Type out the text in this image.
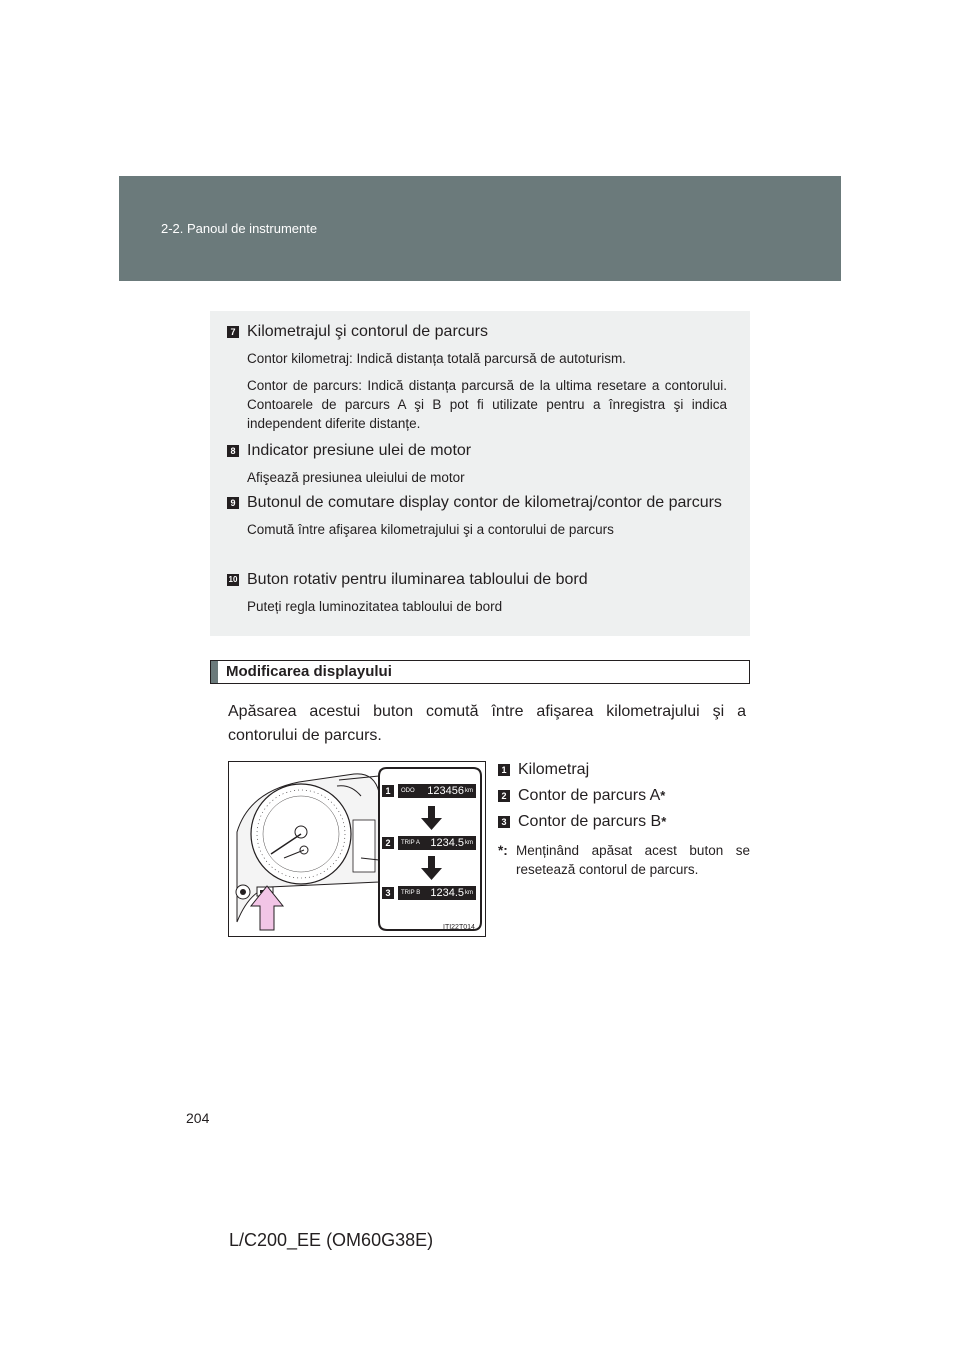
2-2. Panoul de instrumente
7 Kilometrajul şi contorul de parcurs

Contor kilometraj: Indică distanța totală parcursă de autoturism.

Contor de parcurs: Indică distanța parcursă de la ultima resetare a contorului. Contoarele de parcurs A şi B pot fi utilizate pentru a înregistra şi indica independent diferite distanțe.

8 Indicator presiune ulei de motor

Afişează presiunea uleiului de motor

9 Butonul de comutare display contor de kilometraj/contor de parcurs

Comută între afişarea kilometrajului şi a contorului de parcurs

10 Buton rotativ pentru iluminarea tabloului de bord

Puteți regla luminozitatea tabloului de bord

Modificarea displayului
Apăsarea acestui buton comută între afişarea kilometrajului şi a contorului de parcurs.
1	ODO 123456 km
2	TRIP A 1234.5 km
3	TRIP B 1234.5 km
ITI22T014
1 Kilometraj
2 Contor de parcurs A *
3 Contor de parcurs B *
*: Menținând apăsat acest buton se resetează contorul de parcurs.
204
L/C200_EE (OM60G38E)
